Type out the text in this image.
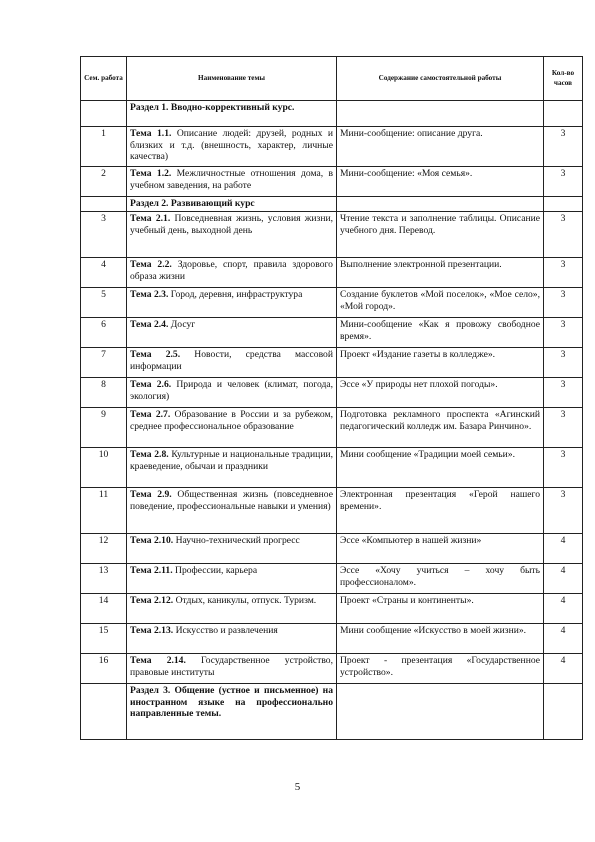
Сем. работа	Наименование темы	Содержание самостоятельной работы	Кол-во часов
	Раздел 1. Вводно-коррективный курс.		
1	Тема 1.1. Описание людей: друзей, родных и близких и т.д. (внешность, характер, личные качества)	Мини-сообщение: описание друга.	3
2	Тема 1.2. Межличностные отношения дома, в учебном заведения, на работе	Мини-сообщение: «Моя семья».	3
	Раздел 2. Развивающий курс		
3	Тема 2.1. Повседневная жизнь, условия жизни, учебный день, выходной день	Чтение текста и заполнение таблицы. Описание учебного дня. Перевод.	3
4	Тема 2.2. Здоровье, спорт, правила здорового образа жизни	Выполнение электронной презентации.	3
5	Тема 2.3. Город, деревня, инфраструктура	Создание буклетов «Мой поселок», «Мое село», «Мой город».	3
6	Тема 2.4. Досуг	Мини-сообщение «Как я провожу свободное время».	3
7	Тема 2.5. Новости, средства массовой информации	Проект «Издание газеты в колледже».	3
8	Тема 2.6. Природа и человек (климат, погода, экология)	Эссе «У природы нет плохой погоды».	3
9	Тема 2.7. Образование в России и за рубежом, среднее профессиональное образование	Подготовка рекламного проспекта «Агинский педагогический колледж им. Базара Ринчино».	3
10	Тема 2.8. Культурные и национальные традиции, краеведение, обычаи и праздники	Мини сообщение «Традиции моей семьи».	3
11	Тема 2.9. Общественная жизнь (повседневное поведение, профессиональные навыки и умения)	Электронная презентация «Герой нашего времени».	3
12	Тема 2.10. Научно-технический прогресс	Эссе «Компьютер в нашей жизни»	4
13	Тема 2.11. Профессии, карьера	Эссе «Хочу учиться – хочу быть профессионалом».	4
14	Тема 2.12. Отдых, каникулы, отпуск. Туризм.	Проект «Страны и континенты».	4
15	Тема 2.13. Искусство и развлечения	Мини сообщение «Искусство в моей жизни».	4
16	Тема 2.14. Государственное устройство, правовые институты	Проект - презентация «Государственное устройство».	4
	Раздел 3. Общение (устное и письменное) на иностранном языке на профессионально направленные темы.		
5
